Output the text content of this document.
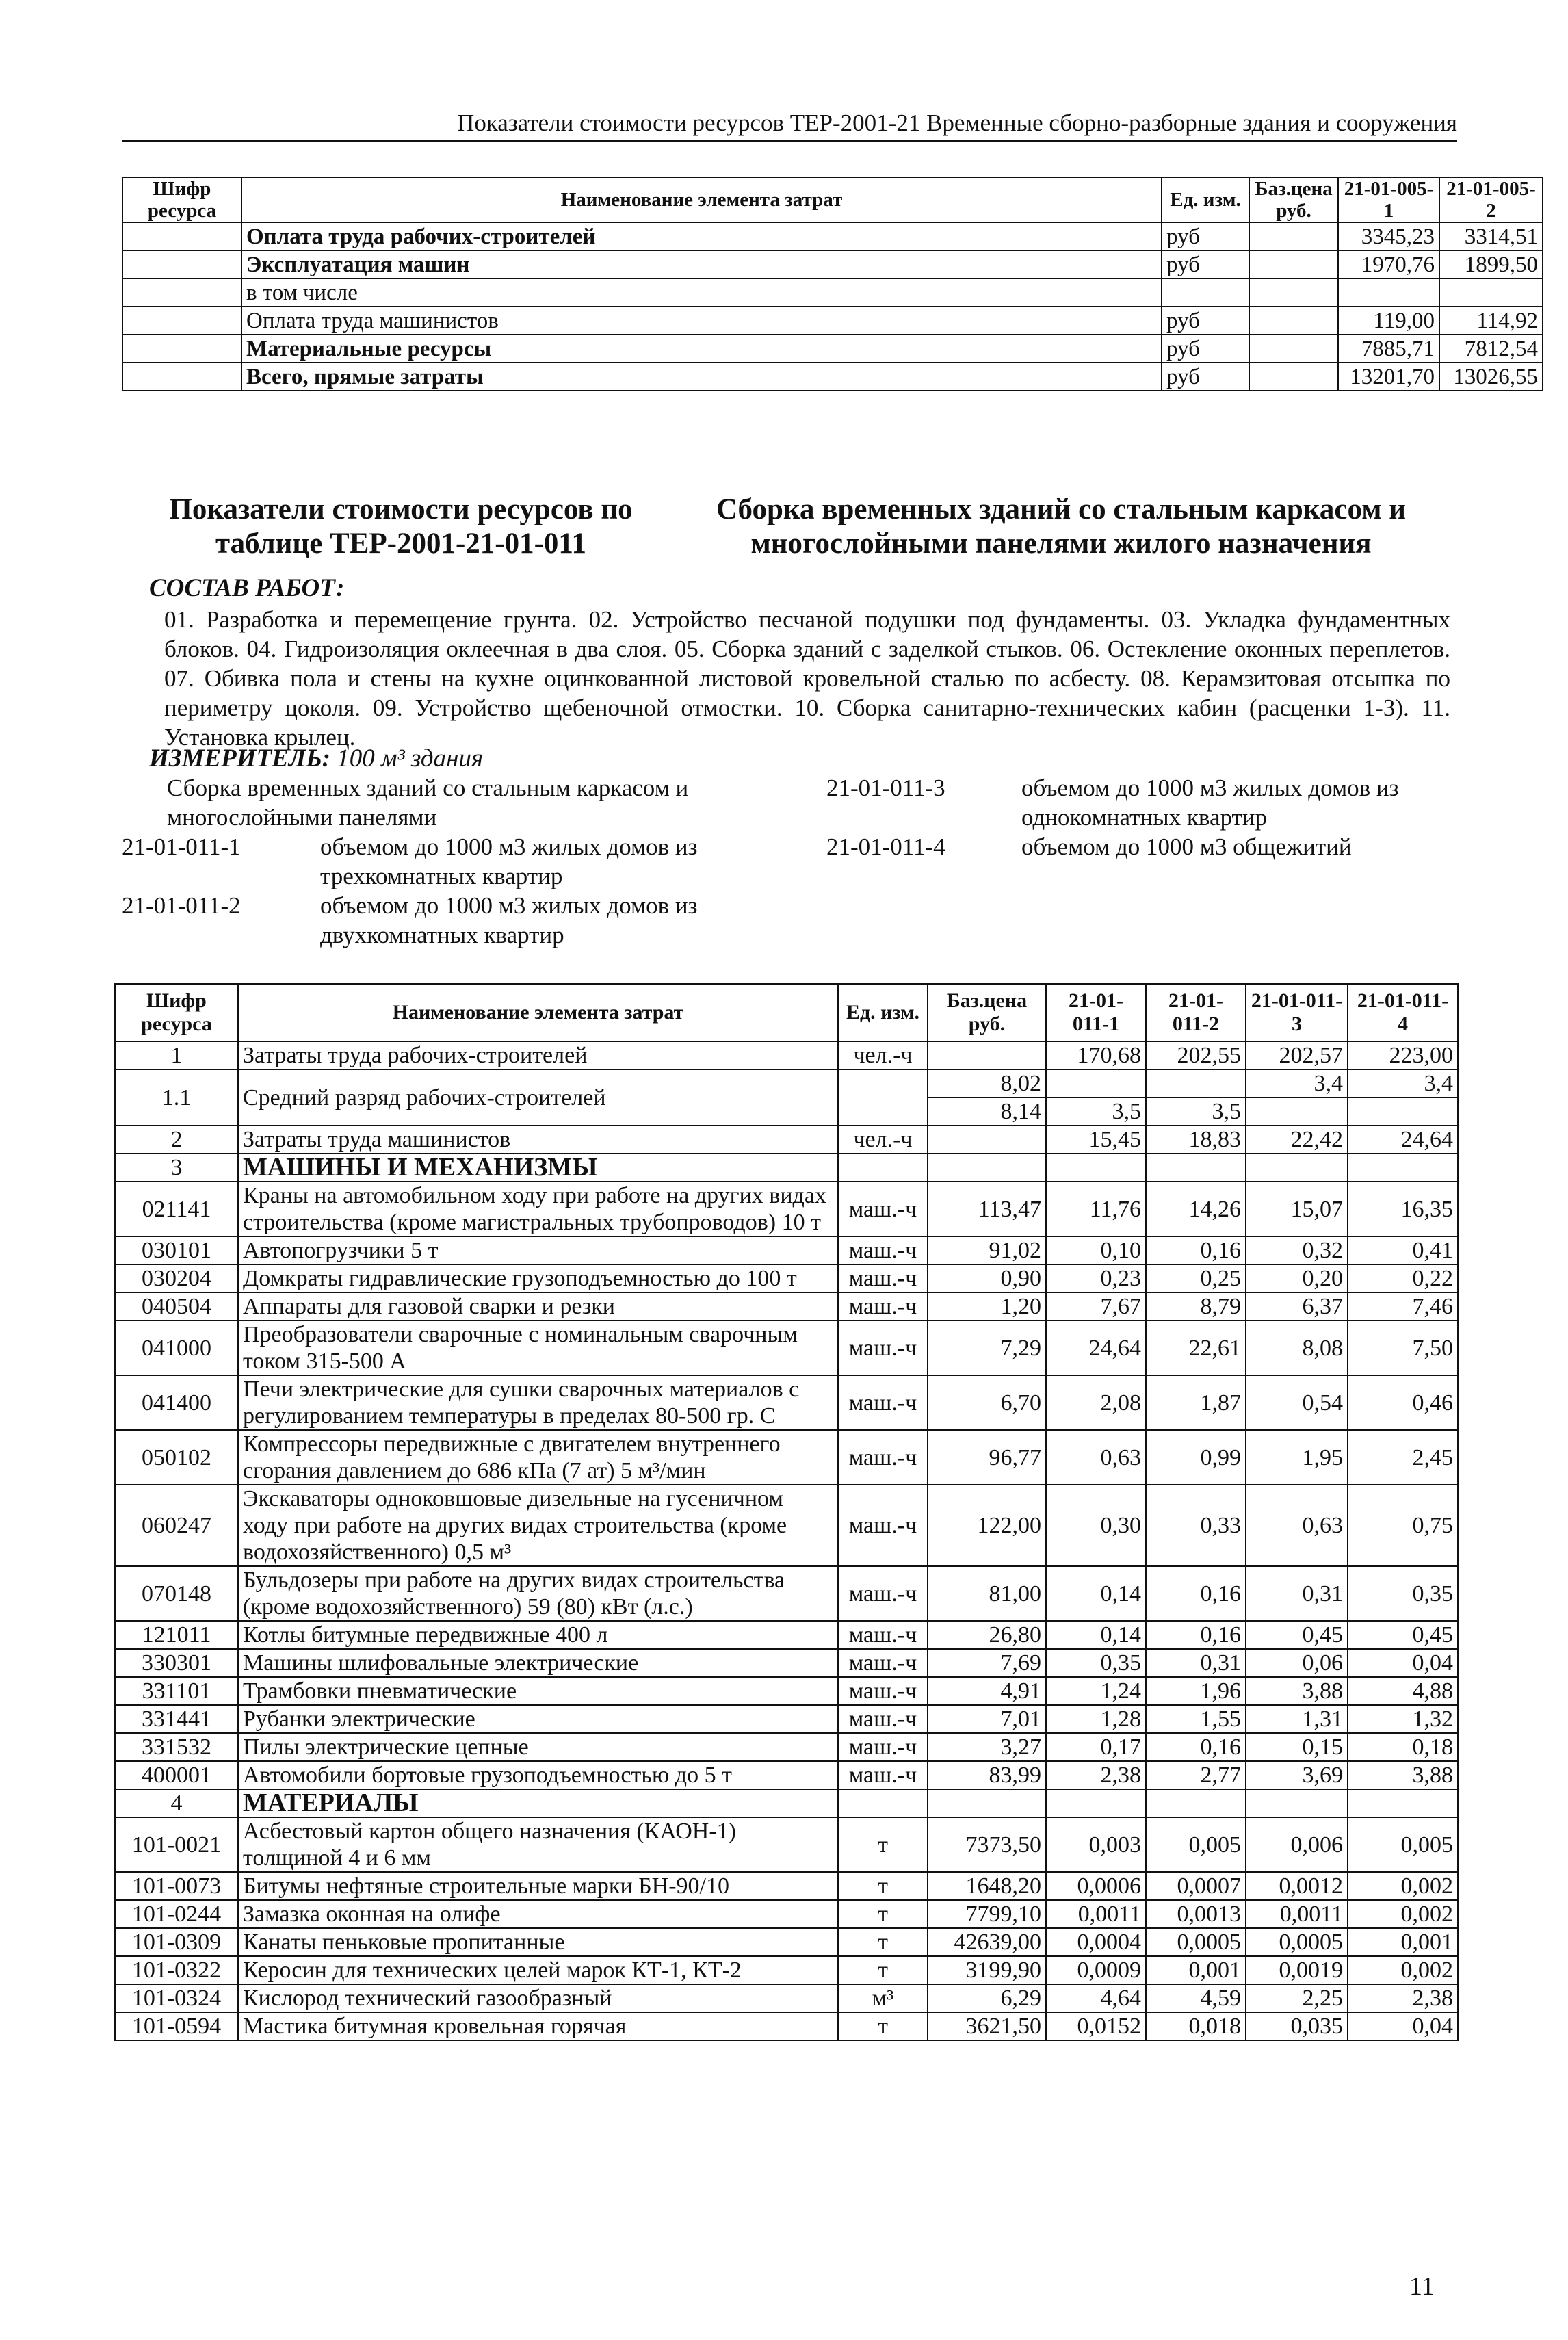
Показатели стоимости ресурсов ТЕР-2001-21 Временные сборно-разборные здания и сооружения
Шифр ресурса	Наименование элемента затрат	Ед. изм.	Баз.цена руб.	21-01-005-1	21-01-005-2
	Оплата труда рабочих-строителей	руб		3345,23	3314,51
	Эксплуатация машин	руб		1970,76	1899,50
	в том числе				
	Оплата труда машинистов	руб		119,00	114,92
	Материальные ресурсы	руб		7885,71	7812,54
	Всего, прямые затраты	руб		13201,70	13026,55
Показатели стоимости ресурсов по таблице ТЕР-2001-21-01-011
Сборка временных зданий со стальным каркасом и многослойными панелями жилого назначения
СОСТАВ РАБОТ:
01. Разработка и перемещение грунта. 02. Устройство песчаной подушки под фундаменты. 03. Укладка фундаментных блоков. 04. Гидроизоляция оклеечная в два слоя. 05. Сборка зданий с заделкой стыков. 06. Остекление оконных переплетов. 07. Обивка пола и стены на кухне оцинкованной листовой кровельной сталью по асбесту. 08. Керамзитовая отсыпка по периметру цоколя. 09. Устройство щебеночной отмостки. 10. Сборка санитарно-технических кабин (расценки 1-3). 11. Установка крылец.
ИЗМЕРИТЕЛЬ: 100 м³ здания
Сборка временных зданий со стальным каркасом и многослойными панелями
21-01-011-1	объемом до 1000 м3 жилых домов из трехкомнатных квартир
21-01-011-2	объемом до 1000 м3 жилых домов из двухкомнатных квартир
21-01-011-3	объемом до 1000 м3 жилых домов из однокомнатных квартир
21-01-011-4	объемом до 1000 м3 общежитий
Шифр ресурса	Наименование элемента затрат	Ед. изм.	Баз.цена руб.	21-01-011-1	21-01-011-2	21-01-011-3	21-01-011-4
1	Затраты труда рабочих-строителей	чел.-ч		170,68	202,55	202,57	223,00
1.1	Средний разряд рабочих-строителей		8,02			3,4	3,4
			8,14	3,5	3,5		
2	Затраты труда машинистов	чел.-ч		15,45	18,83	22,42	24,64
3	МАШИНЫ И МЕХАНИЗМЫ						
021141	Краны на автомобильном ходу при работе на других видах строительства (кроме магистральных трубопроводов) 10 т	маш.-ч	113,47	11,76	14,26	15,07	16,35
030101	Автопогрузчики 5 т	маш.-ч	91,02	0,10	0,16	0,32	0,41
030204	Домкраты гидравлические грузоподъемностью до 100 т	маш.-ч	0,90	0,23	0,25	0,20	0,22
040504	Аппараты для газовой сварки и резки	маш.-ч	1,20	7,67	8,79	6,37	7,46
041000	Преобразователи сварочные с номинальным сварочным током 315-500 А	маш.-ч	7,29	24,64	22,61	8,08	7,50
041400	Печи электрические для сушки сварочных материалов с регулированием температуры в пределах 80-500 гр. С	маш.-ч	6,70	2,08	1,87	0,54	0,46
050102	Компрессоры передвижные с двигателем внутреннего сгорания давлением до 686 кПа (7 ат) 5 м³/мин	маш.-ч	96,77	0,63	0,99	1,95	2,45
060247	Экскаваторы одноковшовые дизельные на гусеничном ходу при работе на других видах строительства (кроме водохозяйственного) 0,5 м³	маш.-ч	122,00	0,30	0,33	0,63	0,75
070148	Бульдозеры при работе на других видах строительства (кроме водохозяйственного) 59 (80) кВт (л.с.)	маш.-ч	81,00	0,14	0,16	0,31	0,35
121011	Котлы битумные передвижные 400 л	маш.-ч	26,80	0,14	0,16	0,45	0,45
330301	Машины шлифовальные электрические	маш.-ч	7,69	0,35	0,31	0,06	0,04
331101	Трамбовки пневматические	маш.-ч	4,91	1,24	1,96	3,88	4,88
331441	Рубанки электрические	маш.-ч	7,01	1,28	1,55	1,31	1,32
331532	Пилы электрические цепные	маш.-ч	3,27	0,17	0,16	0,15	0,18
400001	Автомобили бортовые грузоподъемностью до 5 т	маш.-ч	83,99	2,38	2,77	3,69	3,88
4	МАТЕРИАЛЫ						
101-0021	Асбестовый картон общего назначения (КАОН-1) толщиной 4 и 6 мм	т	7373,50	0,003	0,005	0,006	0,005
101-0073	Битумы нефтяные строительные марки БН-90/10	т	1648,20	0,0006	0,0007	0,0012	0,002
101-0244	Замазка оконная на олифе	т	7799,10	0,0011	0,0013	0,0011	0,002
101-0309	Канаты пеньковые пропитанные	т	42639,00	0,0004	0,0005	0,0005	0,001
101-0322	Керосин для технических целей марок КТ-1, КТ-2	т	3199,90	0,0009	0,001	0,0019	0,002
101-0324	Кислород технический газообразный	м³	6,29	4,64	4,59	2,25	2,38
101-0594	Мастика битумная кровельная горячая	т	3621,50	0,0152	0,018	0,035	0,04
11
